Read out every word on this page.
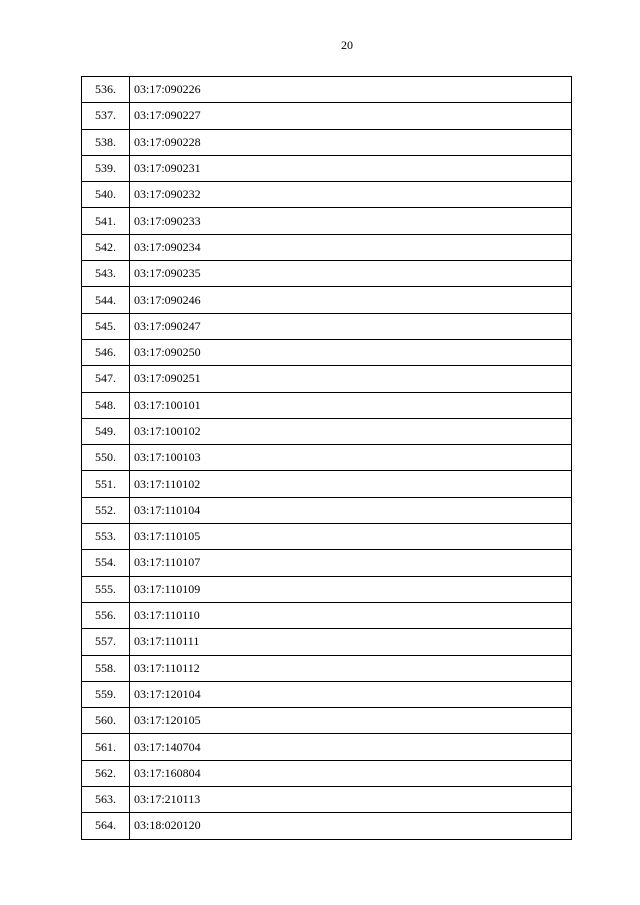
20
536.	03:17:090226
537.	03:17:090227
538.	03:17:090228
539.	03:17:090231
540.	03:17:090232
541.	03:17:090233
542.	03:17:090234
543.	03:17:090235
544.	03:17:090246
545.	03:17:090247
546.	03:17:090250
547.	03:17:090251
548.	03:17:100101
549.	03:17:100102
550.	03:17:100103
551.	03:17:110102
552.	03:17:110104
553.	03:17:110105
554.	03:17:110107
555.	03:17:110109
556.	03:17:110110
557.	03:17:110111
558.	03:17:110112
559.	03:17:120104
560.	03:17:120105
561.	03:17:140704
562.	03:17:160804
563.	03:17:210113
564.	03:18:020120
